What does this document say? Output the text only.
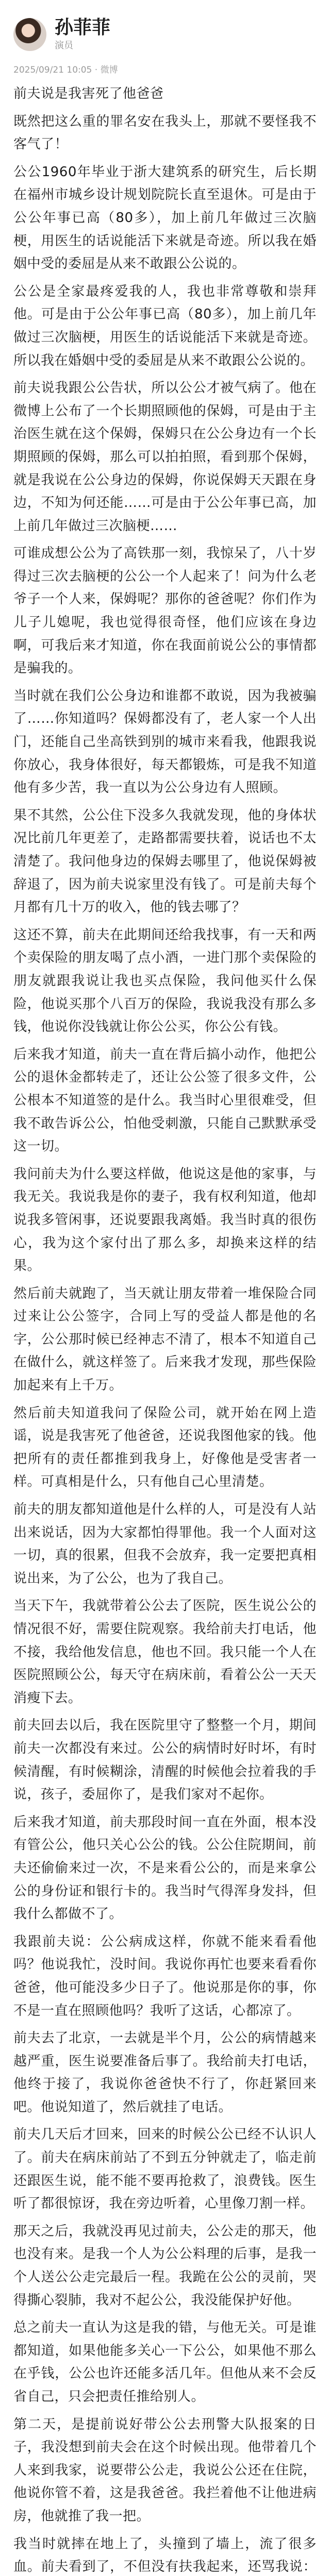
孙菲菲
演员
2025/09/21 10:05 · 微博

前夫说是我害死了他爸爸

既然把这么重的罪名安在我头上，那就不要怪我不客气了！

公公1960年毕业于浙大建筑系的研究生，后长期在福州市城乡设计规划院院长直至退休。可是由于公公年事已高（80多），加上前几年做过三次脑梗，用医生的话说能活下来就是奇迹。所以我在婚姻中受的委屈是从来不敢跟公公说的。

公公是全家最疼爱我的人，我也非常尊敬和崇拜他。可是由于公公年事已高（80多），加上前几年做过三次脑梗，用医生的话说能活下来就是奇迹。所以我在婚姻中受的委屈是从来不敢跟公公说的。

前夫说我跟公公告状，所以公公才被气病了。他在微博上公布了一个长期照顾他的保姆，可是由于主治医生就在这个保姆，保姆只在公公身边有一个长期照顾的保姆，那么可以拍拍照，看到那个保姆，就是我说在公公身边的保姆，你说保姆天天跟在身边，不知为何还能……可是由于公公年事已高，加上前几年做过三次脑梗……

可谁成想公公为了高铁那一刻，我惊呆了，八十岁得过三次去脑梗的公公一个人起来了！问为什么老爷子一个人来，保姆呢？那你的爸爸呢？你们作为儿子儿媳呢，我也觉得很奇怪，他们应该在身边啊，可我后来才知道，你在我面前说公公的事情都是骗我的。

当时就在我们公公身边和谁都不敢说，因为我被骗了……你知道吗？保姆都没有了，老人家一个人出门，还能自己坐高铁到别的城市来看我，他跟我说你放心，我身体很好，每天都锻炼，可是我不知道他有多少苦，我一直以为公公身边有人照顾。

果不其然，公公住下没多久我就发现，他的身体状况比前几年更差了，走路都需要扶着，说话也不太清楚了。我问他身边的保姆去哪里了，他说保姆被辞退了，因为前夫说家里没有钱了。可是前夫每个月都有几十万的收入，他的钱去哪了？

这还不算，前夫在此期间还给我找事，有一天和两个卖保险的朋友喝了点小酒，一进门那个卖保险的朋友就跟我说让我也买点保险，我问他买什么保险，他说买那个八百万的保险，我说我没有那么多钱，他说你没钱就让你公公买，你公公有钱。

后来我才知道，前夫一直在背后搞小动作，他把公公的退休金都转走了，还让公公签了很多文件，公公根本不知道签的是什么。我当时心里很难受，但我不敢告诉公公，怕他受刺激，只能自己默默承受这一切。

我问前夫为什么要这样做，他说这是他的家事，与我无关。我说我是你的妻子，我有权利知道，他却说我多管闲事，还说要跟我离婚。我当时真的很伤心，我为这个家付出了那么多，却换来这样的结果。

然后前夫就跑了，当天就让朋友带着一堆保险合同过来让公公签字，合同上写的受益人都是他的名字，公公那时候已经神志不清了，根本不知道自己在做什么，就这样签了。后来我才发现，那些保险加起来有上千万。

然后前夫知道我问了保险公司，就开始在网上造谣，说是我害死了他爸爸，还说我图他家的钱。他把所有的责任都推到我身上，好像他是受害者一样。可真相是什么，只有他自己心里清楚。

前夫的朋友都知道他是什么样的人，可是没有人站出来说话，因为大家都怕得罪他。我一个人面对这一切，真的很累，但我不会放弃，我一定要把真相说出来，为了公公，也为了我自己。

当天下午，我就带着公公去了医院，医生说公公的情况很不好，需要住院观察。我给前夫打电话，他不接，我给他发信息，他也不回。我只能一个人在医院照顾公公，每天守在病床前，看着公公一天天消瘦下去。

前夫回去以后，我在医院里守了整整一个月，期间前夫一次都没有来过。公公的病情时好时坏，有时候清醒，有时候糊涂，清醒的时候他会拉着我的手说，孩子，委屈你了，是我们家对不起你。

后来我才知道，前夫那段时间一直在外面，根本没有管公公，他只关心公公的钱。公公住院期间，前夫还偷偷来过一次，不是来看公公的，而是来拿公公的身份证和银行卡的。我当时气得浑身发抖，但我什么都做不了。

我跟前夫说：公公病成这样，你就不能来看看他吗？他说我忙，没时间。我说你再忙也要来看看你爸爸，他可能没多少日子了。他说那是你的事，你不是一直在照顾他吗？我听了这话，心都凉了。

前夫去了北京，一去就是半个月，公公的病情越来越严重，医生说要准备后事了。我给前夫打电话，他终于接了，我说你爸爸快不行了，你赶紧回来吧。他说知道了，然后就挂了电话。

前夫几天后才回来，回来的时候公公已经不认识人了。前夫在病床前站了不到五分钟就走了，临走前还跟医生说，能不能不要再抢救了，浪费钱。医生听了都很惊讶，我在旁边听着，心里像刀割一样。

那天之后，我就没再见过前夫，公公走的那天，他也没有来。是我一个人为公公料理的后事，是我一个人送公公走完最后一程。我跪在公公的灵前，哭得撕心裂肺，我对不起公公，我没能保护好他。

总之前夫一直认为这是我的错，与他无关。可是谁都知道，如果他能多关心一下公公，如果他不那么在乎钱，公公也许还能多活几年。但他从来不会反省自己，只会把责任推给别人。

第二天，是提前说好带公公去刑警大队报案的日子，我没想到前夫会在这个时候出现。他带着几个人来到我家，说要带公公走，我说公公还在住院，他说你管不着，这是我爸爸。我拦着他不让他进病房，他就推了我一把。

我当时就摔在地上了，头撞到了墙上，流了很多血。前夫看到了，不但没有扶我起来，还骂我说：
